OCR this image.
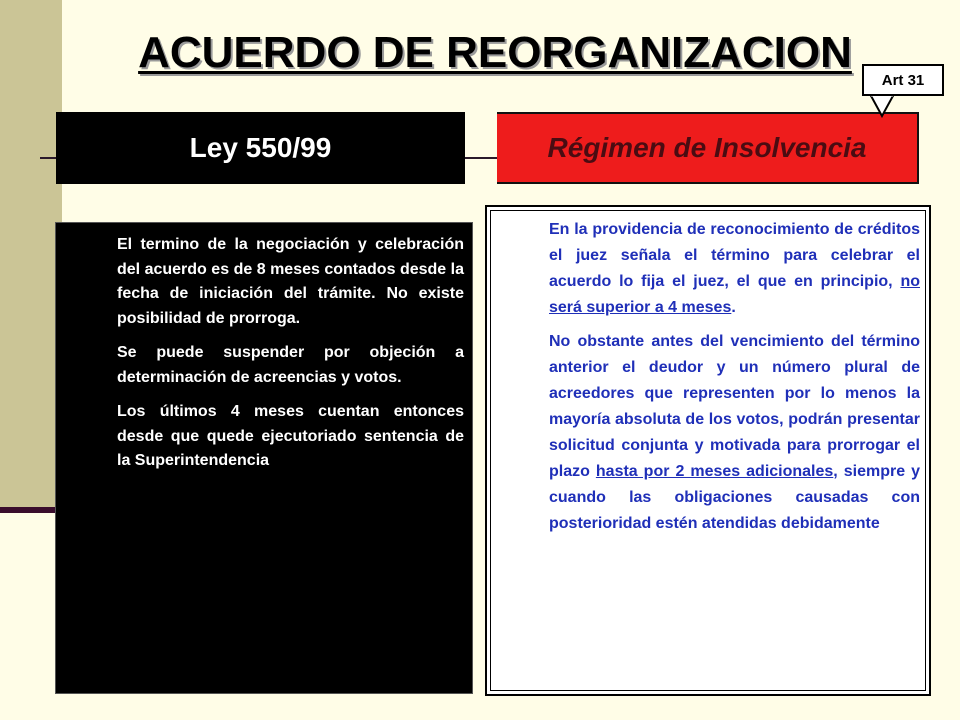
ACUERDO DE REORGANIZACION
Ley 550/99	Régimen de Insolvencia
Art 31

El termino de la negociación y celebración del acuerdo es de 8 meses contados desde la fecha de iniciación del trámite. No existe posibilidad de prorroga.

Se puede suspender por objeción a determinación de acreencias y votos.

Los últimos 4 meses cuentan entonces desde que quede ejecutoriado sentencia de la Superintendencia

En la providencia de reconocimiento de créditos el juez señala el término para celebrar el acuerdo lo fija el juez, el que en principio, no será superior a 4 meses.

No obstante antes del vencimiento del término anterior el deudor y un número plural de acreedores que representen por lo menos la mayoría absoluta de los votos, podrán presentar solicitud conjunta y motivada para prorrogar el plazo hasta por 2 meses adicionales, siempre y cuando las obligaciones causadas con posterioridad estén atendidas debidamente
